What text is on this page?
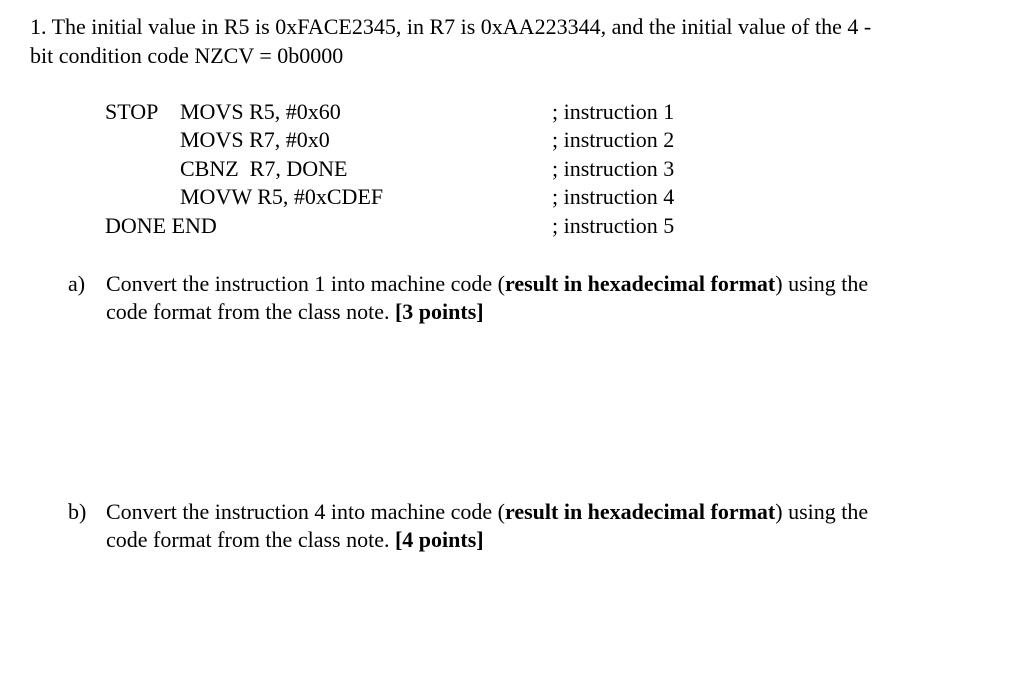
1. The initial value in R5 is 0xFACE2345, in R7 is 0xAA223344, and the initial value of the 4 -
bit condition code NZCV = 0b0000
STOP MOVS R5, #0x60	; instruction 1
MOVS R7, #0x0	; instruction 2
CBNZ  R7, DONE	; instruction 3
MOVW R5, #0xCDEF	; instruction 4
DONE END	; instruction 5
a) Convert the instruction 1 into machine code (result in hexadecimal format) using the
code format from the class note. [3 points]
b) Convert the instruction 4 into machine code (result in hexadecimal format) using the
code format from the class note. [4 points]
